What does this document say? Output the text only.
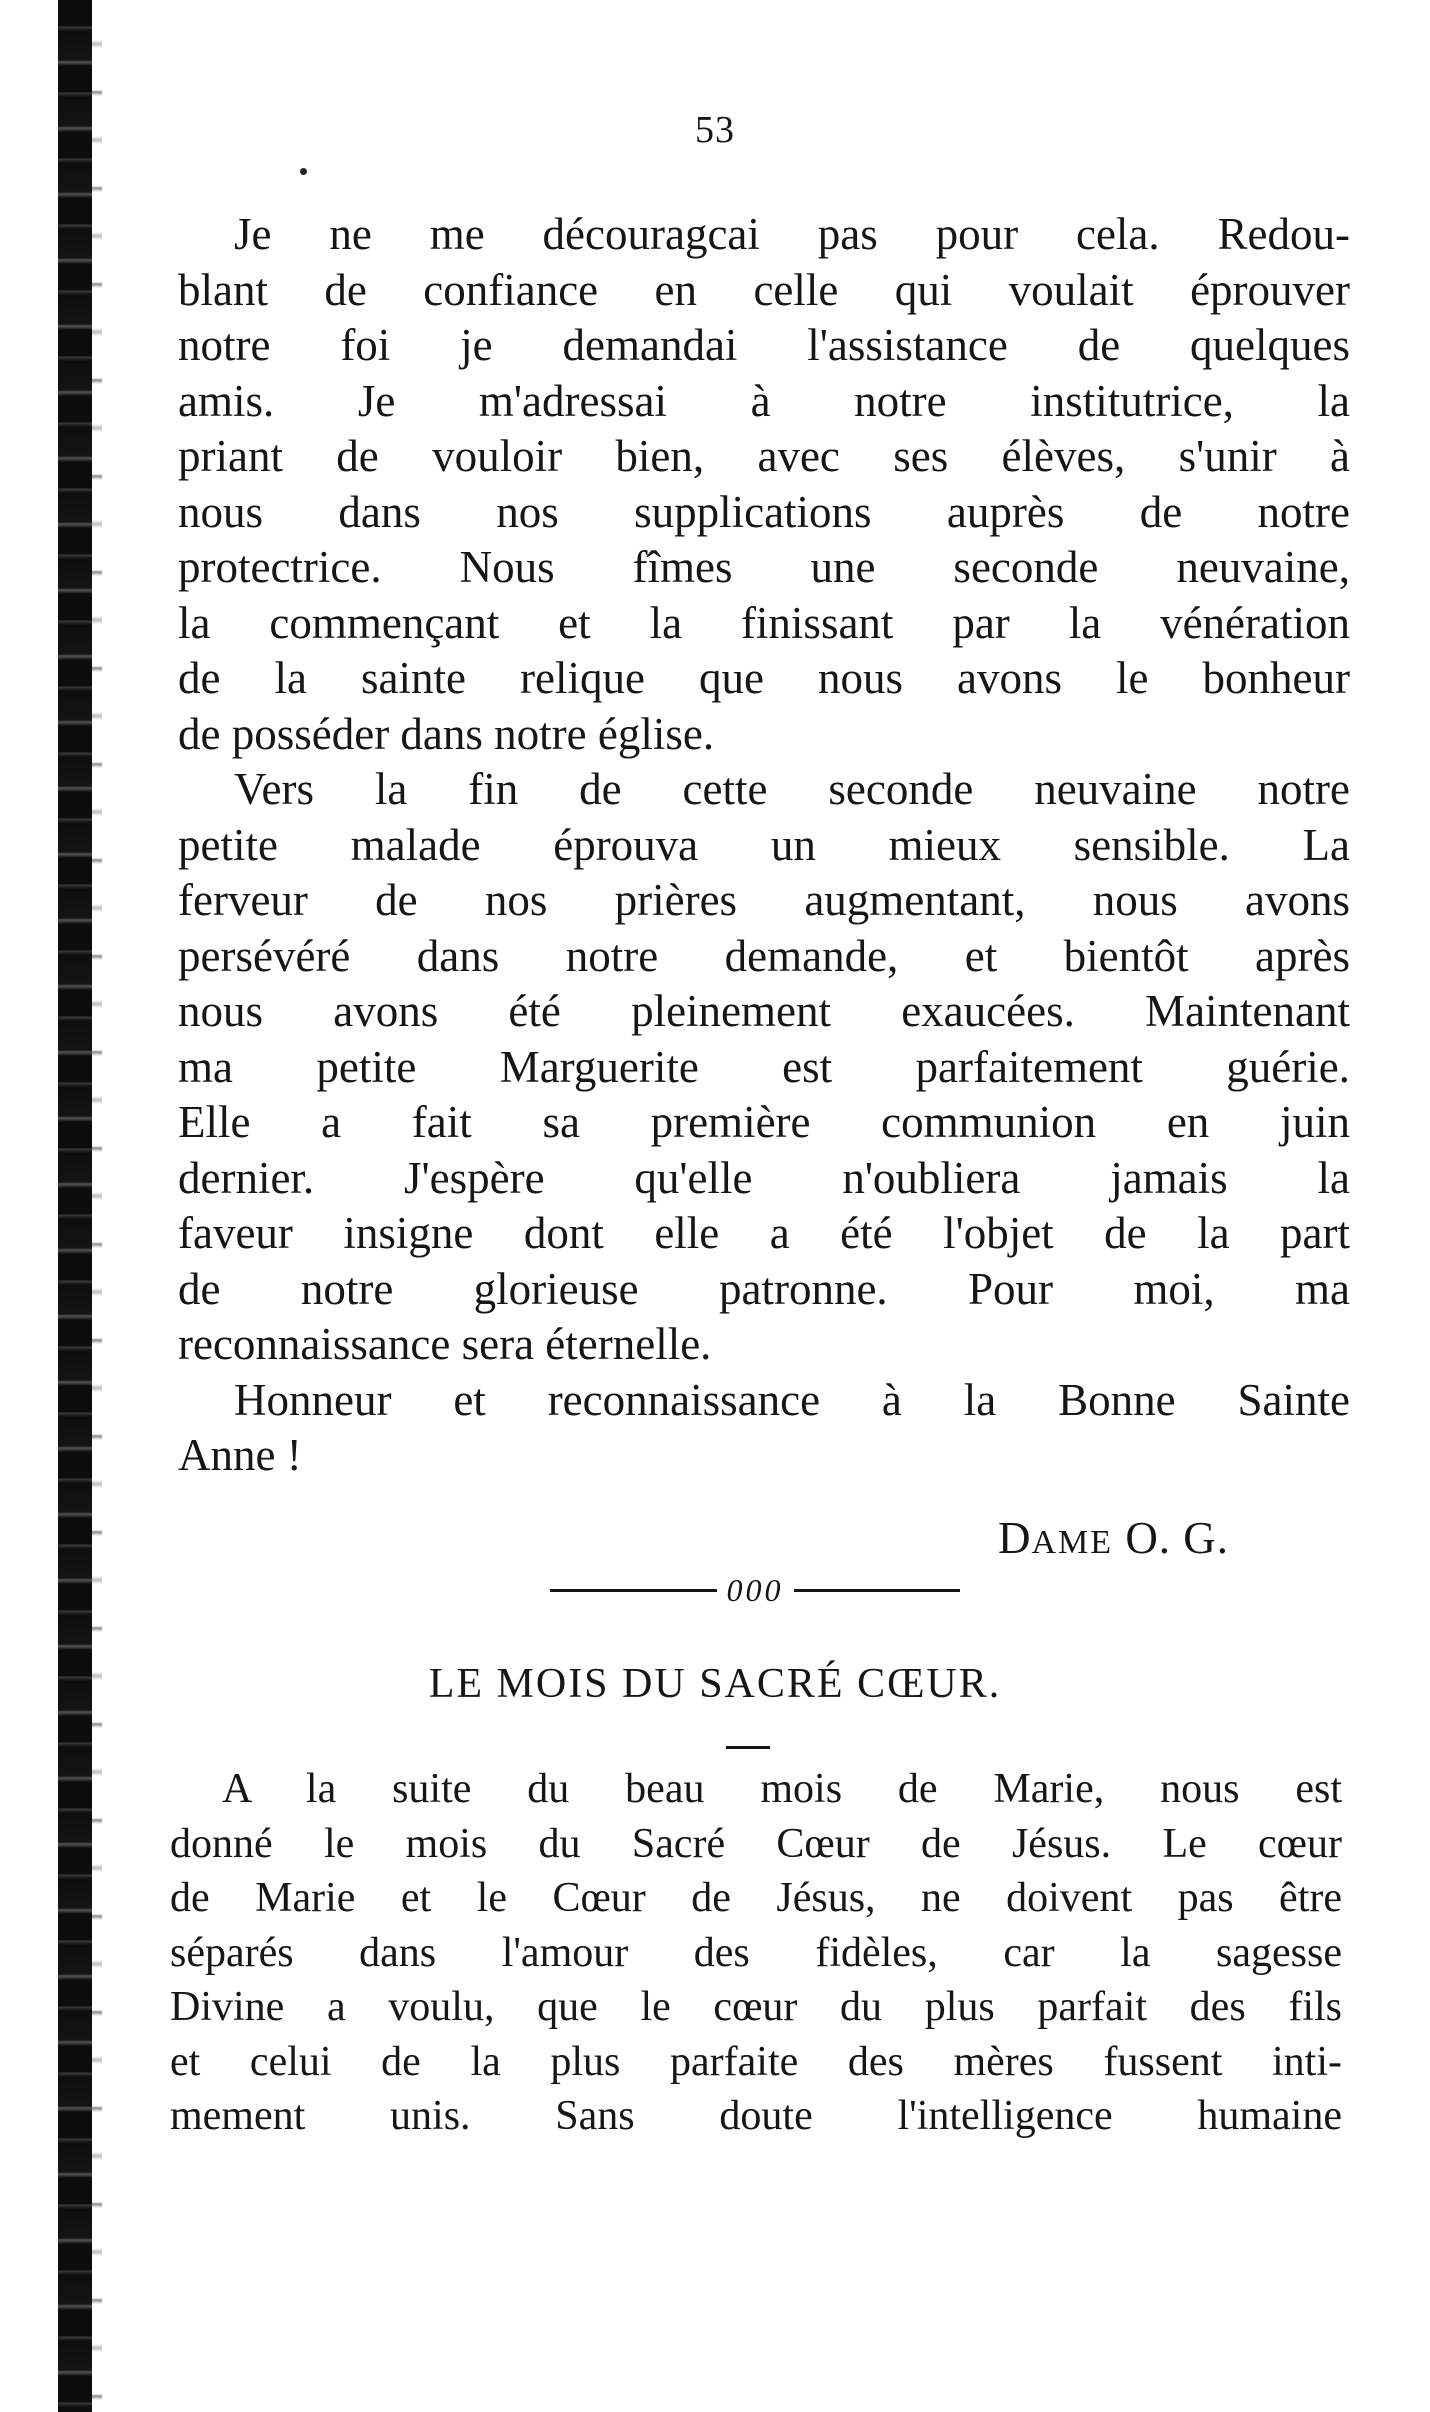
53
Je ne me découragcai pas pour cela. Redou-
blant de confiance en celle qui voulait éprouver
notre foi je demandai l'assistance de quelques
amis. Je m'adressai à notre institutrice, la
priant de vouloir bien, avec ses élèves, s'unir à
nous dans nos supplications auprès de notre
protectrice. Nous fîmes une seconde neuvaine,
la commençant et la finissant par la vénération
de la sainte relique que nous avons le bonheur
de posséder dans notre église.
Vers la fin de cette seconde neuvaine notre
petite malade éprouva un mieux sensible. La
ferveur de nos prières augmentant, nous avons
persévéré dans notre demande, et bientôt après
nous avons été pleinement exaucées. Maintenant
ma petite Marguerite est parfaitement guérie.
Elle a fait sa première communion en juin
dernier. J'espère qu'elle n'oubliera jamais la
faveur insigne dont elle a été l'objet de la part
de notre glorieuse patronne. Pour moi, ma
reconnaissance sera éternelle.
Honneur et reconnaissance à la Bonne Sainte
Anne !
DAME O. G.
000
LE MOIS DU SACRÉ CŒUR.
A la suite du beau mois de Marie, nous est
donné le mois du Sacré Cœur de Jésus. Le cœur
de Marie et le Cœur de Jésus, ne doivent pas être
séparés dans l'amour des fidèles, car la sagesse
Divine a voulu, que le cœur du plus parfait des fils
et celui de la plus parfaite des mères fussent inti-
mement unis. Sans doute l'intelligence humaine
